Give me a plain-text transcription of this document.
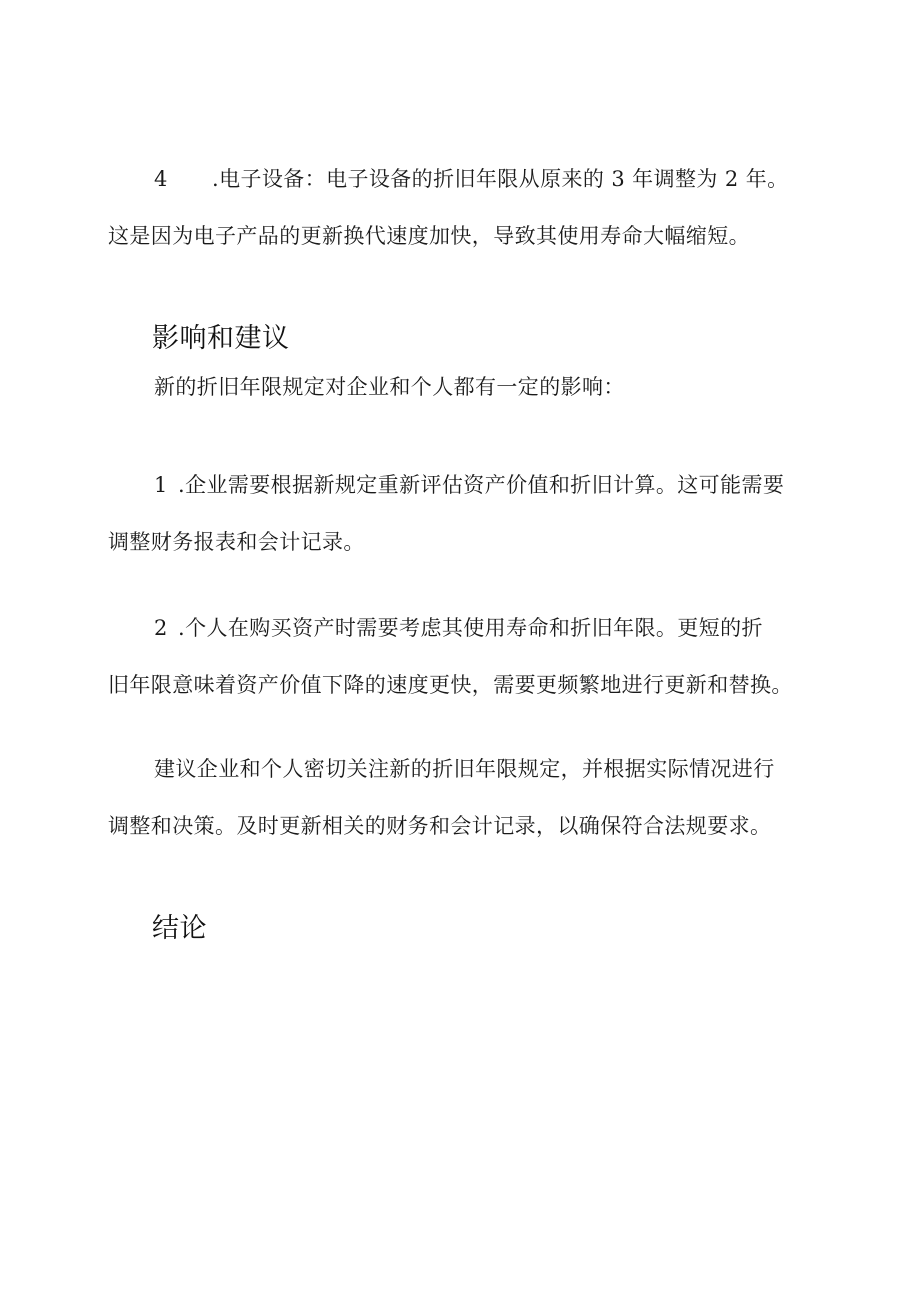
4 .电子设备：电子设备的折旧年限从原来的 3 年调整为 2 年。
这是因为电子产品的更新换代速度加快，导致其使用寿命大幅缩短。

影响和建议

新的折旧年限规定对企业和个人都有一定的影响：

1 .企业需要根据新规定重新评估资产价值和折旧计算。这可能需要
调整财务报表和会计记录。

2 .个人在购买资产时需要考虑其使用寿命和折旧年限。更短的折
旧年限意味着资产价值下降的速度更快，需要更频繁地进行更新和替换。

建议企业和个人密切关注新的折旧年限规定，并根据实际情况进行
调整和决策。及时更新相关的财务和会计记录，以确保符合法规要求。

结论
